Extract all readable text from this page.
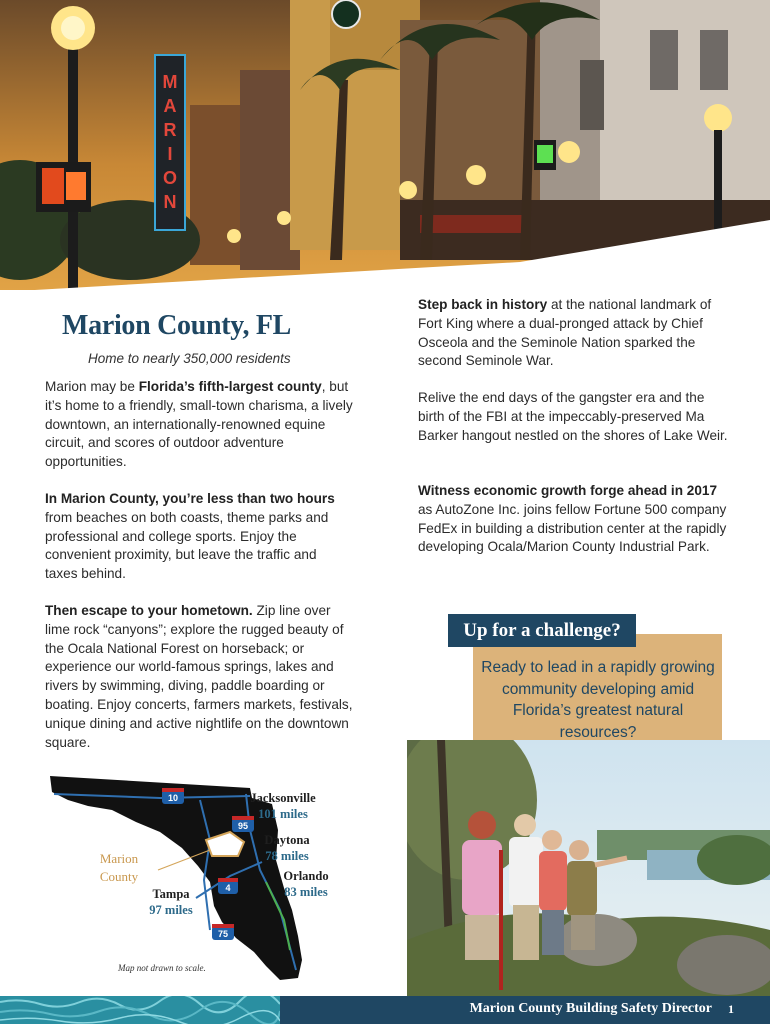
M
A
R
I
O
N
Marion County, FL
Home to nearly 350,000 residents
Marion may be Florida’s fifth-largest county, but it’s home to a friendly, small-town charisma, a lively downtown, an internationally-renowned equine circuit, and scores of outdoor adventure opportunities.
In Marion County, you’re less than two hours from beaches on both coasts, theme parks and professional and college sports. Enjoy the convenient proximity, but leave the traffic and taxes behind.
Then escape to your hometown. Zip line over lime rock “canyons”; explore the rugged beauty of the Ocala National Forest on horseback; or experience our world-famous springs, lakes and rivers by swimming, diving, paddle boarding or boating. Enjoy concerts, farmers markets, festivals, unique dining and active nightlife on the downtown square.
Step back in history at the national landmark of Fort King where a dual-pronged attack by Chief Osceola and the Seminole Nation sparked the second Seminole War.
Relive the end days of the gangster era and the birth of the FBI at the impeccably-preserved Ma Barker hangout nestled on the shores of Lake Weir.
Witness economic growth forge ahead in 2017 as AutoZone Inc. joins fellow Fortune 500 company FedEx in building a distribution center at the rapidly developing Ocala/Marion County Industrial Park.
Up for a challenge?
Ready to lead in a rapidly growing community developing amid Florida’s greatest natural resources?
10
95
4
75
Jacksonville
101 miles
Daytona
78 miles
Orlando
83 miles
Tampa
97 miles
Marion County
Map not drawn to scale.
Marion County Building Safety Director 1
